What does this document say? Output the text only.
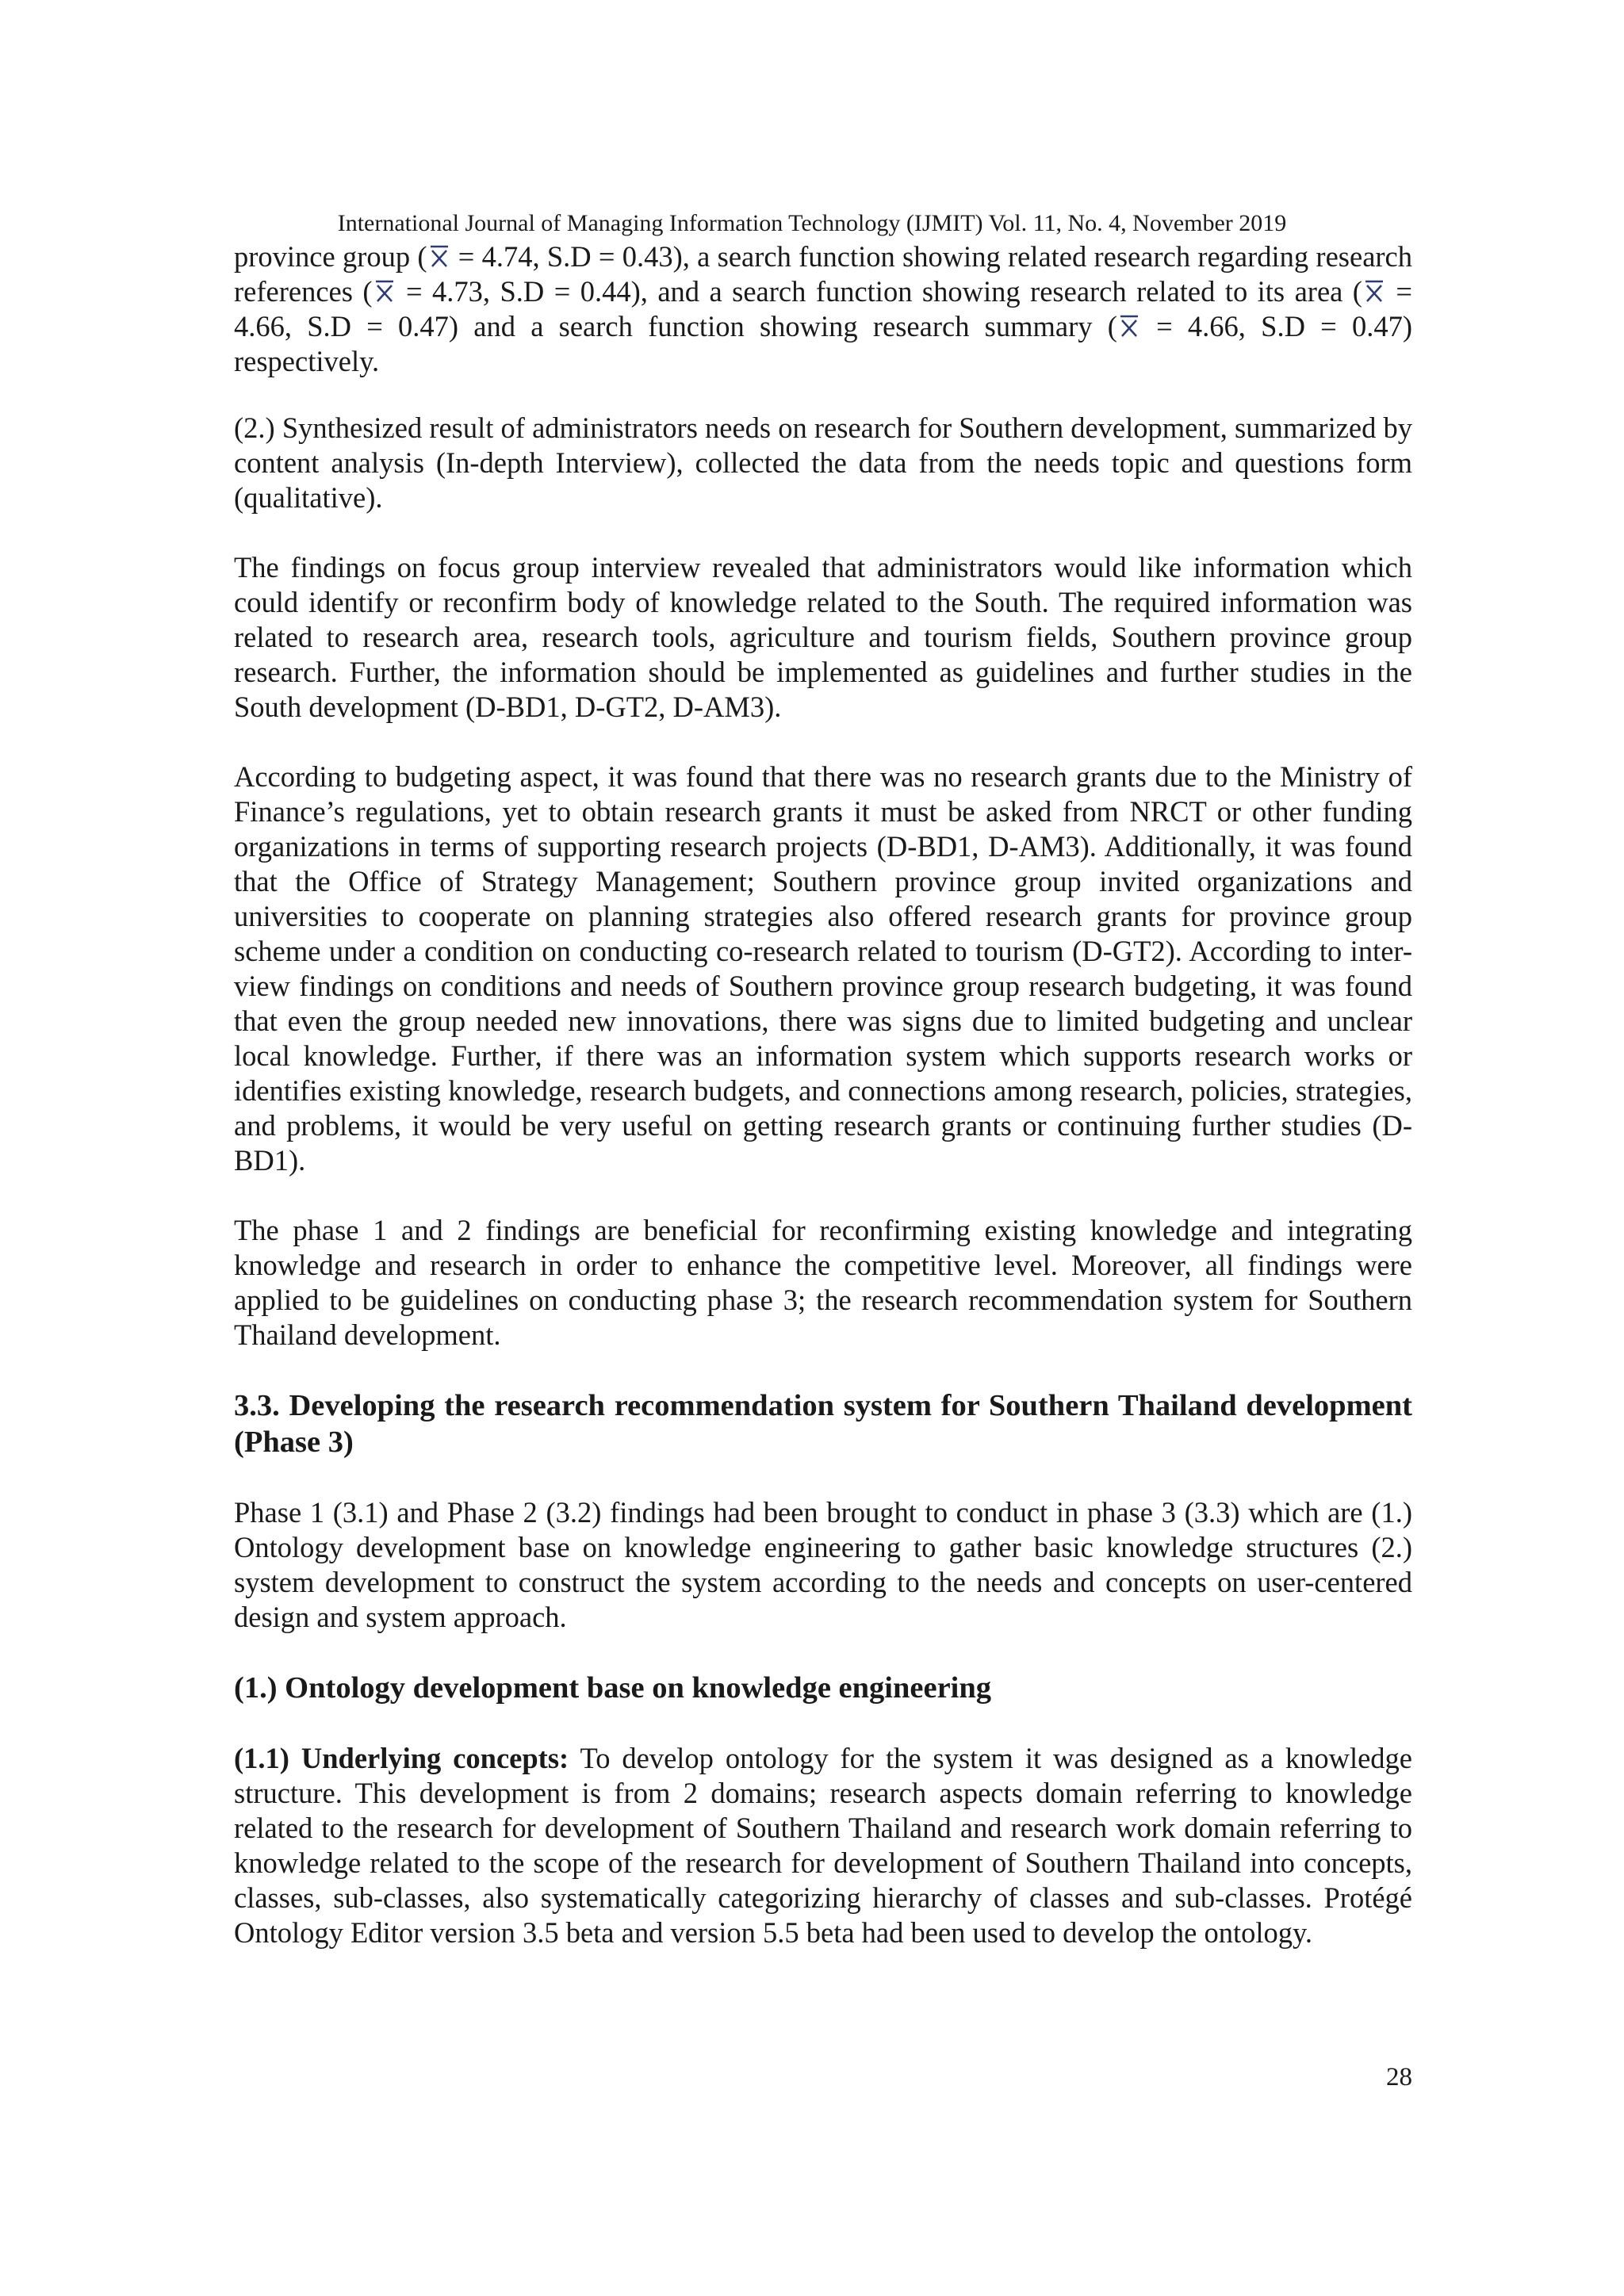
International Journal of Managing Information Technology (IJMIT) Vol. 11, No. 4, November 2019

province group (
= 4.74, S.D = 0.43), a search function showing related research regarding research references (
= 4.73, S.D = 0.44), and a search function showing research related to its area (
= 4.66, S.D = 0.47) and a search function showing research summary (
= 4.66, S.D = 0.47) respectively.

(2.) Synthesized result of administrators needs on research for Southern development, summarized by content analysis (In-depth Interview), collected the data from the needs topic and questions form (qualitative).

The findings on focus group interview revealed that administrators would like information which could identify or reconfirm body of knowledge related to the South. The required information was related to research area, research tools, agriculture and tourism fields, Southern province group research. Further, the information should be implemented as guidelines and further studies in the South development (D-BD1, D-GT2, D-AM3).

According to budgeting aspect, it was found that there was no research grants due to the Ministry of Finance’s regulations, yet to obtain research grants it must be asked from NRCT or other funding organizations in terms of supporting research projects (D-BD1, D-AM3). Additionally, it was found that the Office of Strategy Management; Southern province group invited organizations and universities to cooperate on planning strategies also offered research grants for province group scheme under a condition on conducting co-research related to tourism (D-GT2). According to inter-view findings on conditions and needs of Southern province group research budgeting, it was found that even the group needed new innovations, there was signs due to limited budgeting and unclear local knowledge. Further, if there was an information system which supports research works or identifies existing knowledge, research budgets, and connections among research, policies, strategies, and problems, it would be very useful on getting research grants or continuing further studies (D-BD1).

The phase 1 and 2 findings are beneficial for reconfirming existing knowledge and integrating knowledge and research in order to enhance the competitive level. Moreover, all findings were applied to be guidelines on conducting phase 3; the research recommendation system for Southern Thailand development.

3.3. Developing the research recommendation system for Southern Thailand development (Phase 3)

Phase 1 (3.1) and Phase 2 (3.2) findings had been brought to conduct in phase 3 (3.3) which are (1.) Ontology development base on knowledge engineering to gather basic knowledge structures (2.) system development to construct the system according to the needs and concepts on user-centered design and system approach.

(1.) Ontology development base on knowledge engineering

(1.1) Underlying concepts: To develop ontology for the system it was designed as a knowledge structure. This development is from 2 domains; research aspects domain referring to knowledge related to the research for development of Southern Thailand and research work domain referring to knowledge related to the scope of the research for development of Southern Thailand into concepts, classes, sub-classes, also systematically categorizing hierarchy of classes and sub-classes. Protégé Ontology Editor version 3.5 beta and version 5.5 beta had been used to develop the ontology.

28
